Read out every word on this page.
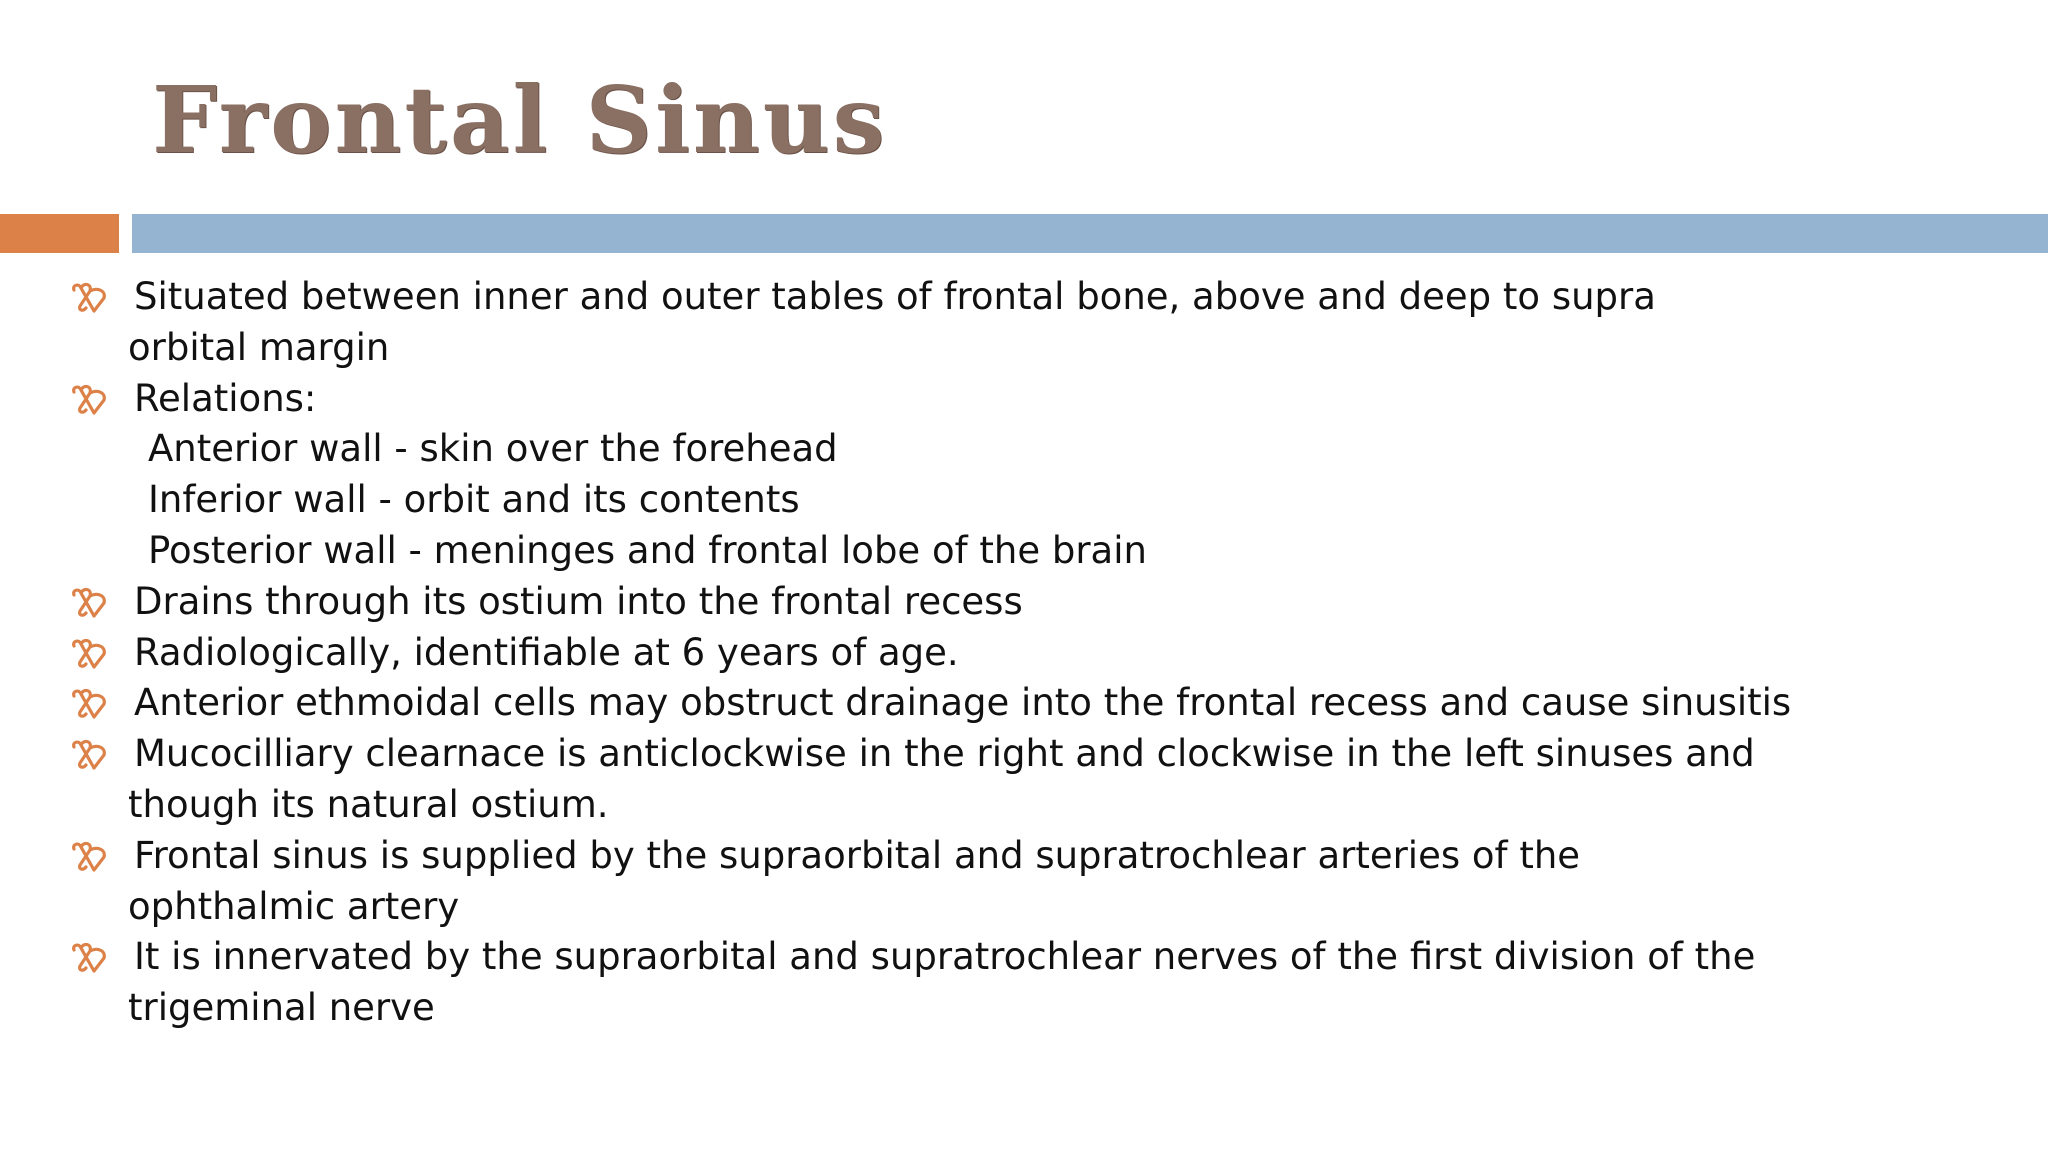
Frontal Sinus
Situated between inner and outer tables of frontal bone, above and deep to supra
orbital margin
Relations:
Anterior wall - skin over the forehead
Inferior wall - orbit and its contents
Posterior wall - meninges and frontal lobe of the brain
Drains through its ostium into the frontal recess
Radiologically, identifiable at 6 years of age.
Anterior ethmoidal cells may obstruct drainage into the frontal recess and cause sinusitis
Mucocilliary clearnace is anticlockwise in the right and clockwise in the left sinuses and
though its natural ostium.
Frontal sinus is supplied by the supraorbital and supratrochlear arteries of the
ophthalmic artery
It is innervated by the supraorbital and supratrochlear nerves of the first division of the
trigeminal nerve
